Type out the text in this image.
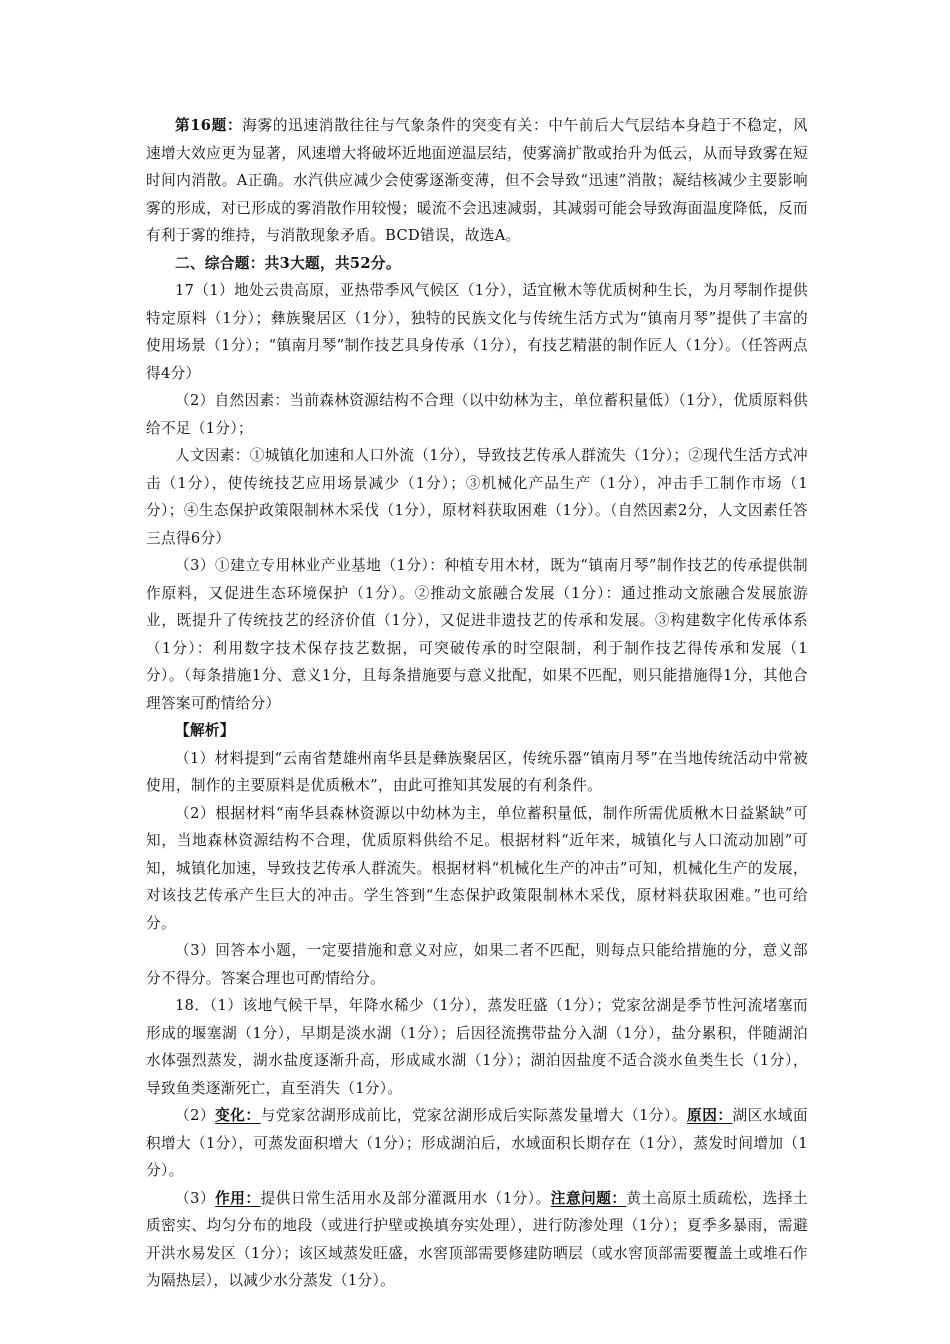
第16题：海雾的迅速消散往往与气象条件的突变有关：中午前后大气层结本身趋于不稳定，风速增大效应更为显著，风速增大将破坏近地面逆温层结，使雾滴扩散或抬升为低云，从而导致雾在短时间内消散。A正确。水汽供应减少会使雾逐渐变薄，但不会导致“迅速”消散；凝结核减少主要影响雾的形成，对已形成的雾消散作用较慢；暖流不会迅速减弱，其减弱可能会导致海面温度降低，反而有利于雾的维持，与消散现象矛盾。BCD错误，故选A。

二、综合题：共3大题，共52分。

17（1）地处云贵高原，亚热带季风气候区（1分），适宜楸木等优质树种生长，为月琴制作提供特定原料（1分）；彝族聚居区（1分），独特的民族文化与传统生活方式为“镇南月琴”提供了丰富的使用场景（1分）；“镇南月琴”制作技艺具身传承（1分），有技艺精湛的制作匠人（1分）。（任答两点得4分）

（2）自然因素：当前森林资源结构不合理（以中幼林为主，单位蓄积量低）（1分），优质原料供给不足（1分）；

人文因素：①城镇化加速和人口外流（1分），导致技艺传承人群流失（1分）；②现代生活方式冲击（1分），使传统技艺应用场景减少（1分）；③机械化产品生产（1分），冲击手工制作市场（1分）；④生态保护政策限制林木采伐（1分），原材料获取困难（1分）。（自然因素2分，人文因素任答三点得6分）

（3）①建立专用林业产业基地（1分）：种植专用木材，既为“镇南月琴”制作技艺的传承提供制作原料，又促进生态环境保护（1分）。②推动文旅融合发展（1分）：通过推动文旅融合发展旅游业，既提升了传统技艺的经济价值（1分），又促进非遗技艺的传承和发展。③构建数字化传承体系（1分）：利用数字技术保存技艺数据，可突破传承的时空限制，利于制作技艺得传承和发展（1分）。（每条措施1分、意义1分，且每条措施要与意义批配，如果不匹配，则只能措施得1分，其他合理答案可酌情给分）

【解析】

（1）材料提到“云南省楚雄州南华县是彝族聚居区，传统乐器“镇南月琴”在当地传统活动中常被使用，制作的主要原料是优质楸木”，由此可推知其发展的有利条件。

（2）根据材料“南华县森林资源以中幼林为主，单位蓄积量低，制作所需优质楸木日益紧缺”可知，当地森林资源结构不合理，优质原料供给不足。根据材料“近年来，城镇化与人口流动加剧”可知，城镇化加速，导致技艺传承人群流失。根据材料“机械化生产的冲击”可知，机械化生产的发展，对该技艺传承产生巨大的冲击。学生答到“生态保护政策限制林木采伐，原材料获取困难。”也可给分。

（3）回答本小题，一定要措施和意义对应，如果二者不匹配，则每点只能给措施的分，意义部分不得分。答案合理也可酌情给分。

18．（1）该地气候干旱，年降水稀少（1分），蒸发旺盛（1分）；党家岔湖是季节性河流堵塞而形成的堰塞湖（1分），早期是淡水湖（1分）；后因径流携带盐分入湖（1分），盐分累积，伴随湖泊水体强烈蒸发，湖水盐度逐渐升高，形成咸水湖（1分）；湖泊因盐度不适合淡水鱼类生长（1分），导致鱼类逐渐死亡，直至消失（1分）。

（2）变化：与党家岔湖形成前比，党家岔湖形成后实际蒸发量增大（1分）。原因：湖区水域面积增大（1分），可蒸发面积增大（1分）；形成湖泊后，水域面积长期存在（1分），蒸发时间增加（1分）。

（3）作用：提供日常生活用水及部分灌溉用水（1分）。注意问题：黄土高原土质疏松，选择土质密实、均匀分布的地段（或进行护壁或换填夯实处理），进行防渗处理（1分）；夏季多暴雨，需避开洪水易发区（1分）；该区域蒸发旺盛，水窖顶部需要修建防晒层（或水窖顶部需要覆盖土或堆石作为隔热层），以减少水分蒸发（1分）。
